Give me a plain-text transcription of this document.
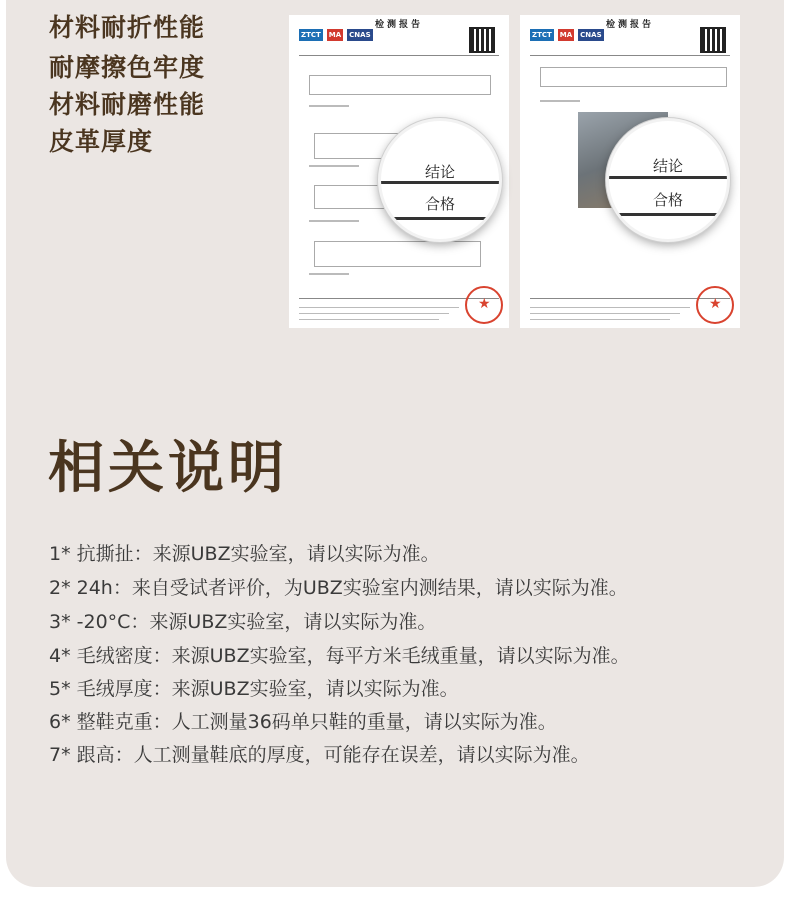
材料耐折性能
耐摩擦色牢度
材料耐磨性能
皮革厚度
检测报告
ZTCT MA CNAS
★
检测报告
ZTCT MA CNAS
★
结论
合格
结论
合格
相关说明
1* 抗撕扯：来源UBZ实验室，请以实际为准。
2* 24h：来自受试者评价，为UBZ实验室内测结果，请以实际为准。
3* -20°C：来源UBZ实验室，请以实际为准。
4* 毛绒密度：来源UBZ实验室，每平方米毛绒重量，请以实际为准。
5* 毛绒厚度：来源UBZ实验室，请以实际为准。
6* 整鞋克重：人工测量36码单只鞋的重量，请以实际为准。
7* 跟高：人工测量鞋底的厚度，可能存在误差，请以实际为准。
